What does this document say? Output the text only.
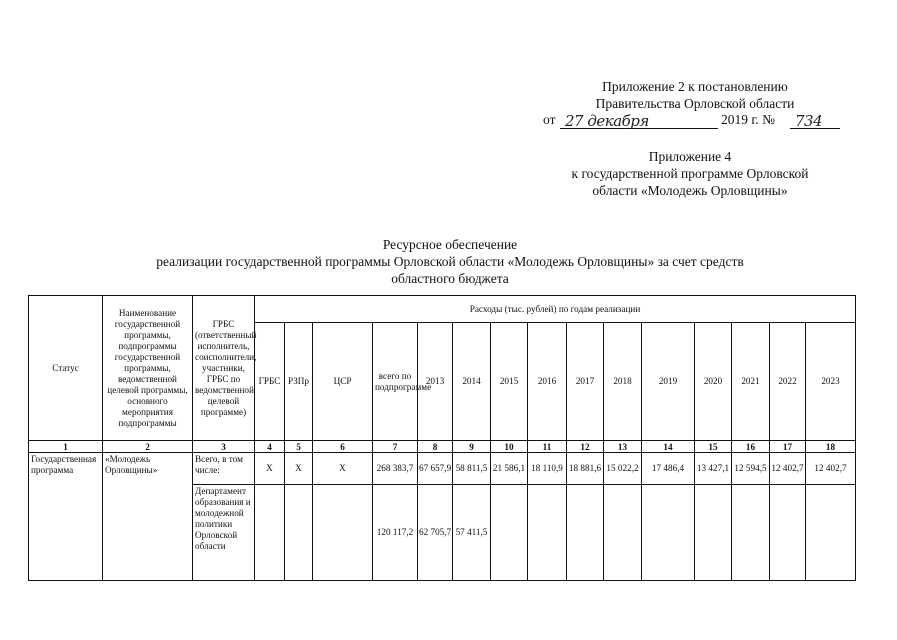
Приложение 2 к постановлению
Правительства Орловской области
от 27 декабря	2019 г. № 734
Приложение 4
к государственной программе Орловской
области «Молодежь Орловщины»
Ресурсное обеспечение
реализации государственной программы Орловской области «Молодежь Орловщины» за счет средств
областного бюджета
Статус	Наименование государственной программы, подпрограммы государственной программы, ведомственной целевой программы, основного мероприятия подпрограммы	ГРБС (ответственный исполнитель, соисполнители, участники, ГРБС по ведомственной целевой программе)	Расходы (тыс. рублей) по годам реализации														
			ГРБС	РЗПр	ЦСР	всего по подпрограмме	2013	2014	2015	2016	2017	2018	2019	2020	2021	2022	2023
1	2	3	4	5	6	7	8	9	10	11	12	13	14	15	16	17	18
Государственная программа	«Молодежь Орловщины»	Всего, в том числе:	Х	Х	Х	268 383,7	67 657,9	58 811,5	21 586,1	18 110,9	18 881,6	15 022,2	17 486,4	13 427,1	12 594,5	12 402,7	12 402,7
		Департамент образования и молодежной политики Орловской области				120 117,2	62 705,7	57 411,5									
